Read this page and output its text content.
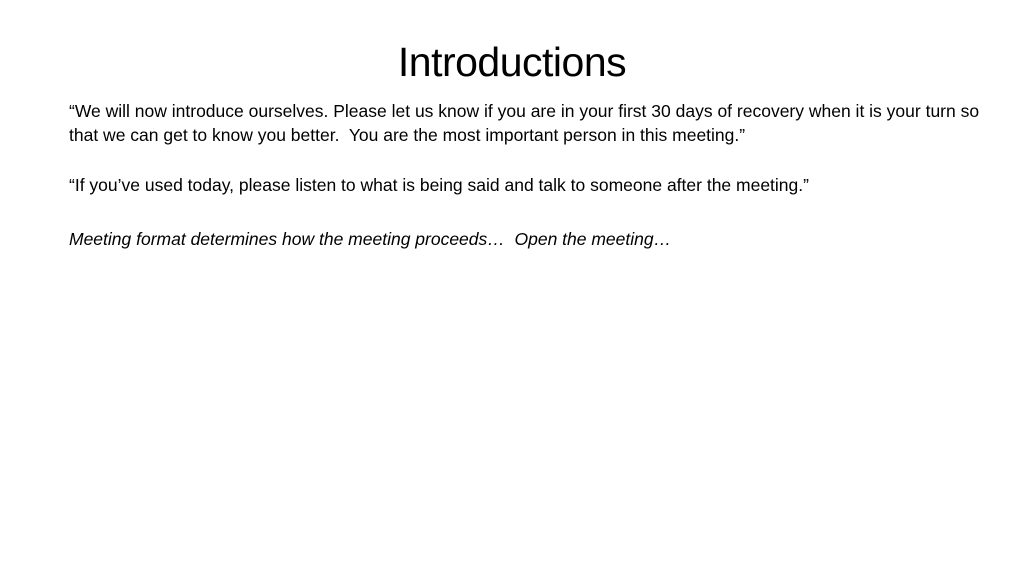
Introductions

“We will now introduce ourselves. Please let us know if you are in your first 30 days of recovery when it is your turn so that we can get to know you better.  You are the most important person in this meeting.”

“If you’ve used today, please listen to what is being said and talk to someone after the meeting.”

Meeting format determines how the meeting proceeds…  Open the meeting…
